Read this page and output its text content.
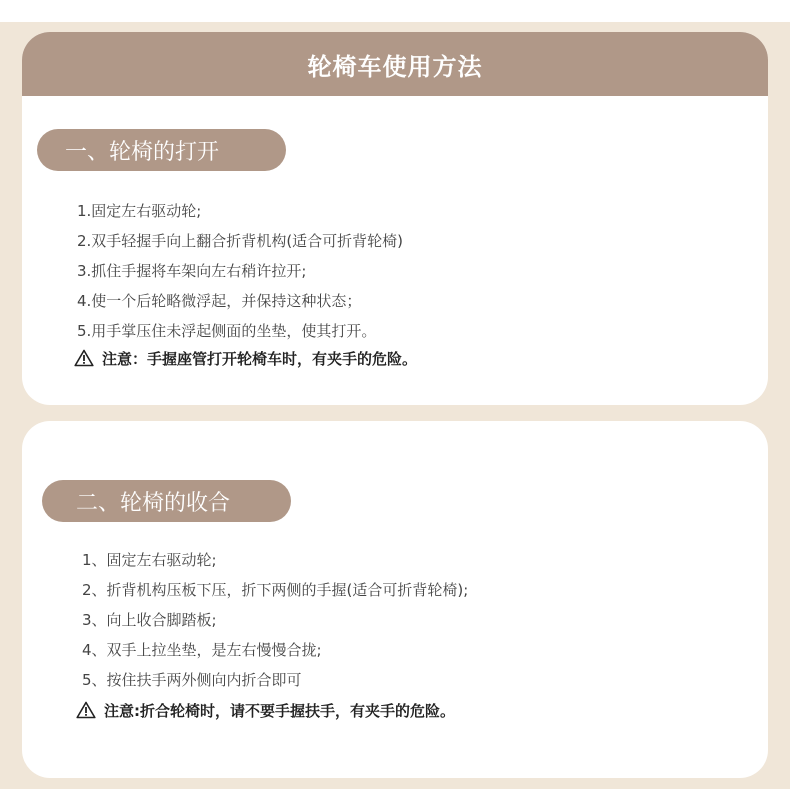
轮椅车使用方法
一、轮椅的打开
1.固定左右驱动轮;
2.双手轻握手向上翻合折背机构(适合可折背轮椅)
3.抓住手握将车架向左右稍许拉开;
4.使一个后轮略微浮起，并保持这种状态；
5.用手掌压住未浮起侧面的坐垫，使其打开。
注意：手握座管打开轮椅车时，有夹手的危险。
二、轮椅的收合
1、固定左右驱动轮;
2、折背机构压板下压，折下两侧的手握(适合可折背轮椅);
3、向上收合脚踏板;
4、双手上拉坐垫，是左右慢慢合拢;
5、按住扶手两外侧向内折合即可
注意:折合轮椅时，请不要手握扶手，有夹手的危险。
